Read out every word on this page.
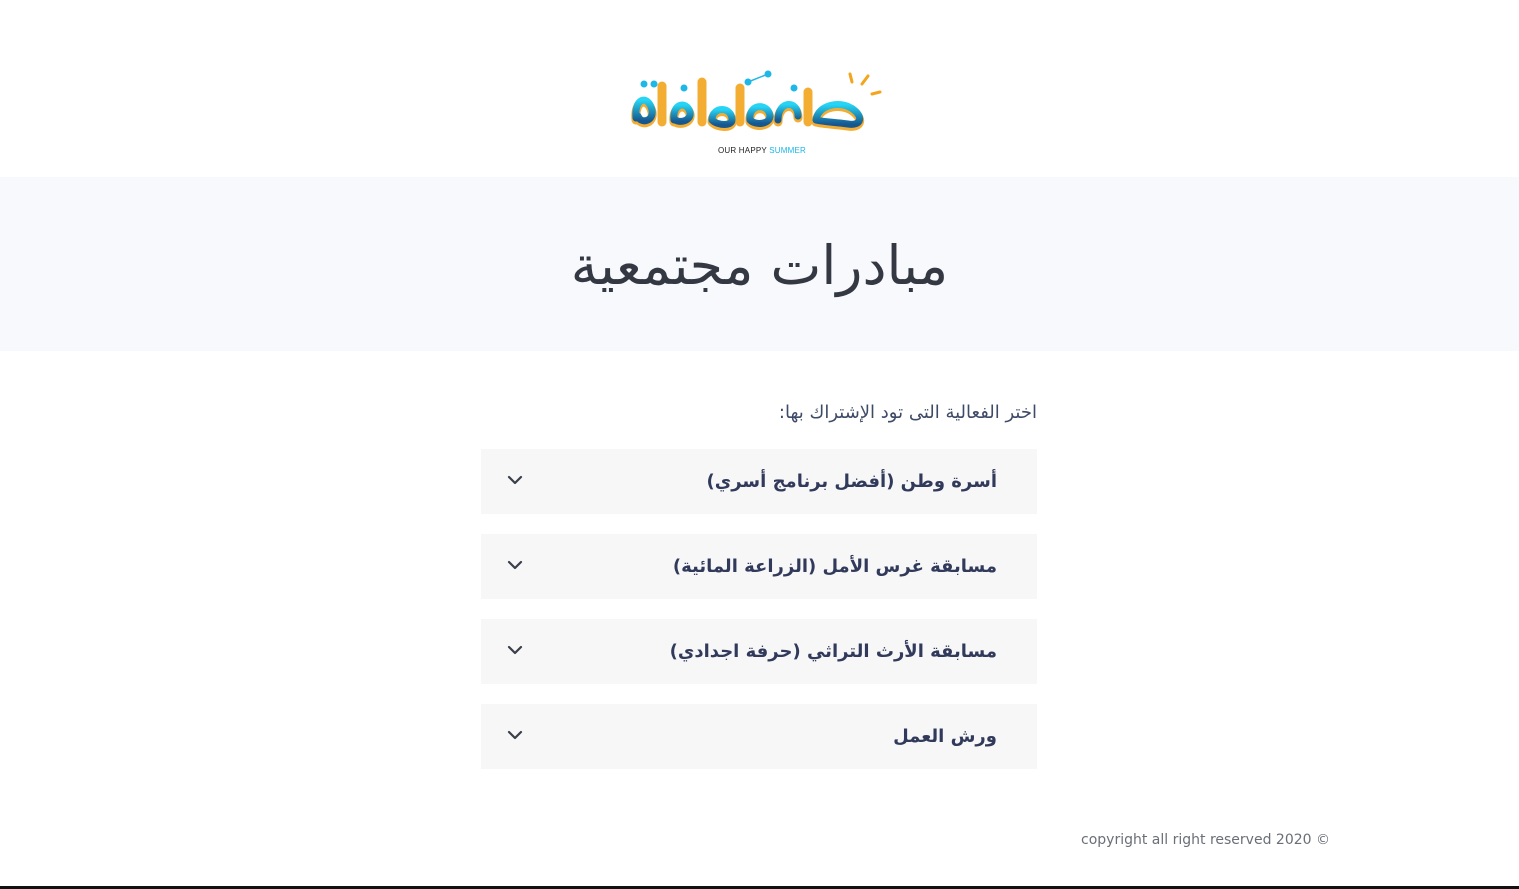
OUR HAPPY SUMMER
مبادرات مجتمعية
اختر الفعالية التى تود الإشتراك بها:
أسرة وطن (أفضل برنامج أسري)
مسابقة غرس الأمل (الزراعة المائية)
مسابقة الأرث التراثي (حرفة اجدادي)
ورش العمل
copyright all right reserved 2020 ©
